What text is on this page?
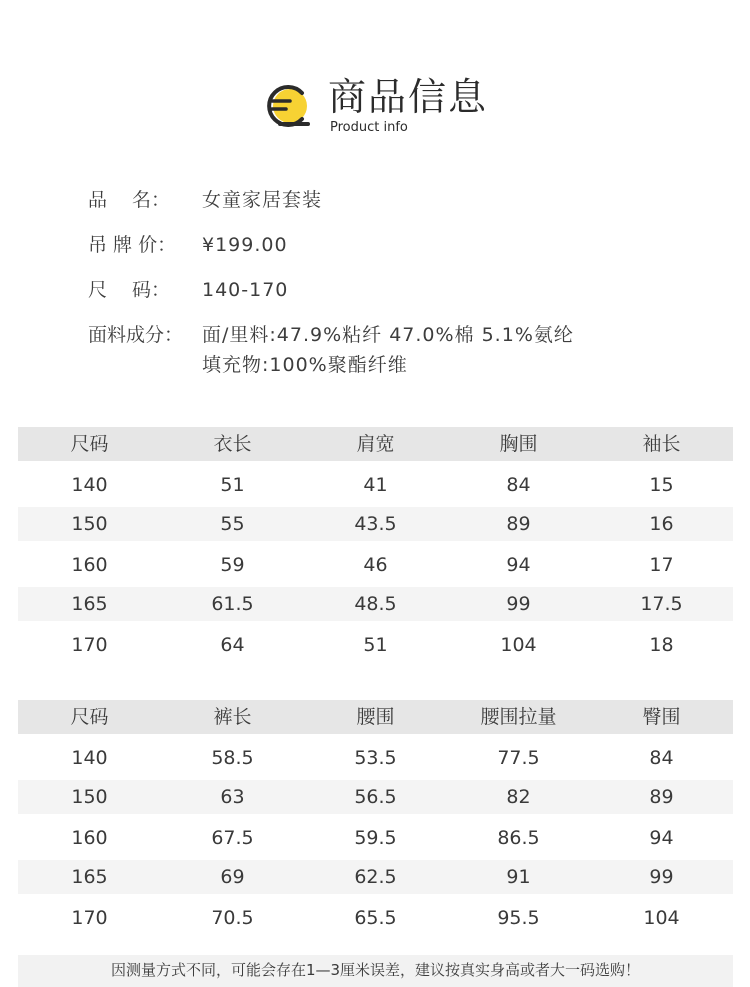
商品信息
Product info
品　 名：	女童家居套装
吊 牌 价：	¥199.00
尺　 码：	140-170
面料成分： 面/里料:47.9%粘纤 47.0%棉 5.1%氨纶
填充物:100%聚酯纤维
尺码	衣长	肩宽	胸围	袖长
140	51	41	84	15
150	55	43.5	89	16
160	59	46	94	17
165	61.5	48.5	99	17.5
170	64	51	104	18
尺码	裤长	腰围	腰围拉量	臀围
140	58.5	53.5	77.5	84
150	63	56.5	82	89
160	67.5	59.5	86.5	94
165	69	62.5	91	99
170	70.5	65.5	95.5	104
因测量方式不同，可能会存在1—3厘米误差，建议按真实身高或者大一码选购！
